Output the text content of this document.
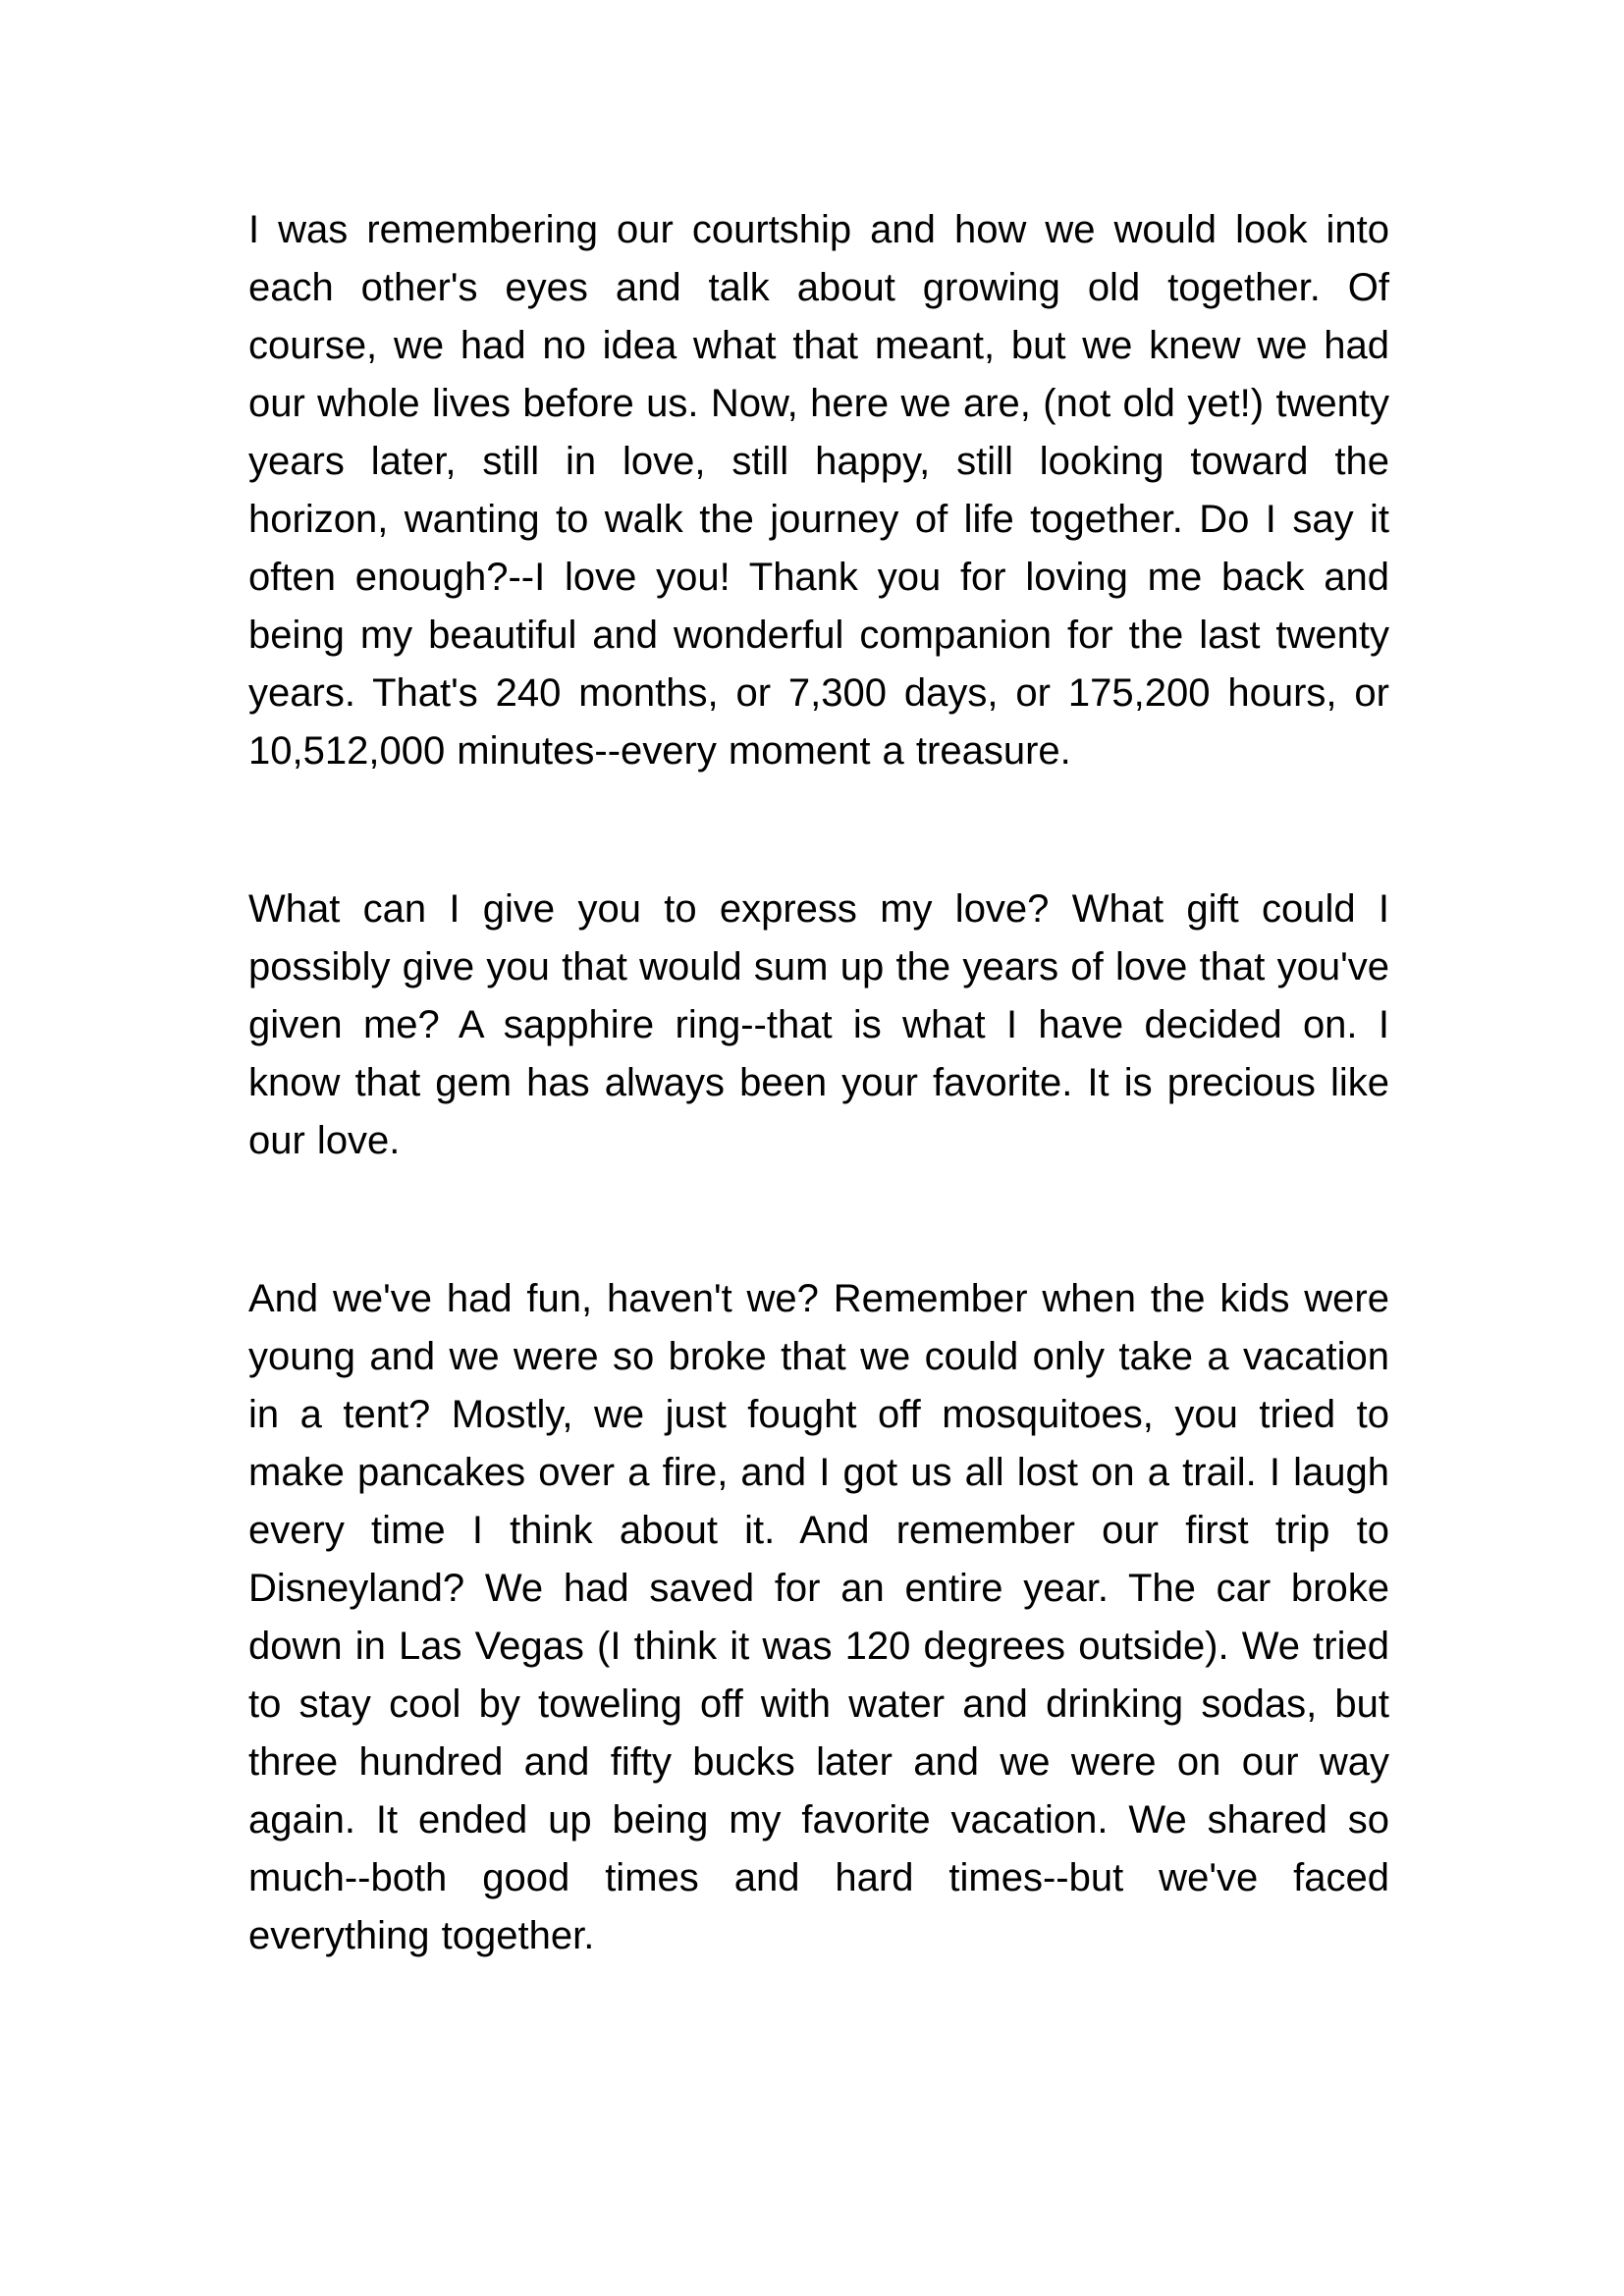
I was remembering our courtship and how we would look into each other's eyes and talk about growing old together. Of course, we had no idea what that meant, but we knew we had our whole lives before us. Now, here we are, (not old yet!) twenty years later, still in love, still happy, still looking toward the horizon, wanting to walk the journey of life together. Do I say it often enough?--I love you! Thank you for loving me back and being my beautiful and wonderful companion for the last twenty years. That's 240 months, or 7,300 days, or 175,200 hours, or 10,512,000 minutes--every moment a treasure.

What can I give you to express my love? What gift could I possibly give you that would sum up the years of love that you've given me? A sapphire ring--that is what I have decided on. I know that gem has always been your favorite. It is precious like our love.

And we've had fun, haven't we? Remember when the kids were young and we were so broke that we could only take a vacation in a tent? Mostly, we just fought off mosquitoes, you tried to make pancakes over a fire, and I got us all lost on a trail. I laugh every time I think about it. And remember our first trip to Disneyland? We had saved for an entire year. The car broke down in Las Vegas (I think it was 120 degrees outside). We tried to stay cool by toweling off with water and drinking sodas, but three hundred and fifty bucks later and we were on our way again. It ended up being my favorite vacation. We shared so much--both good times and hard times--but we've faced everything together.
